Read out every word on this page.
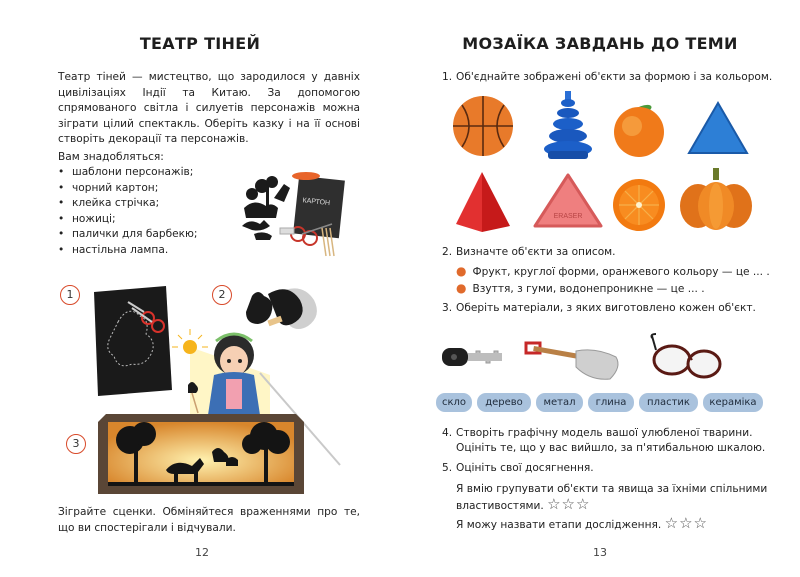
ТЕАТР ТІНЕЙ
Театр тіней — мистецтво, що зародилося у давніх цивілізаціях Індії та Китаю. За допомогою спрямованого світла і силуетів персонажів можна зіграти цілий спектакль. Оберіть казку і на її основі створіть декорації та персонажів.
Вам знадобляться:
• шаблони персонажів;
• чорний картон;
• клейка стрічка;
• ножиці;
• палички для барбекю;
• настільна лампа.
КАРТОН
1	2
3
Зіграйте сценки. Обміняйтеся враженнями про те, що ви спостерігали і відчували.
12
МОЗАЇКА ЗАВДАНЬ ДО ТЕМИ
1. Об'єднайте зображені об'єкти за формою і за кольором.
ERASER
2. Визначте об'єкти за описом.
● Фрукт, круглої форми, оранжевого кольору — це ... .
● Взуття, з гуми, водонепроникне — це ... .
3. Оберіть матеріали, з яких виготовлено кожен об'єкт.
скло	дерево	метал	глина	пластик	кераміка
4. Створіть графічну модель вашої улюбленої тварини.
Оцініть те, що у вас вийшло, за п'ятибальною шкалою.
5. Оцініть свої досягнення.
Я вмію групувати об'єкти та явища за їхніми спільними
властивостями. ☆☆☆
Я можу назвати етапи дослідження. ☆☆☆
13
